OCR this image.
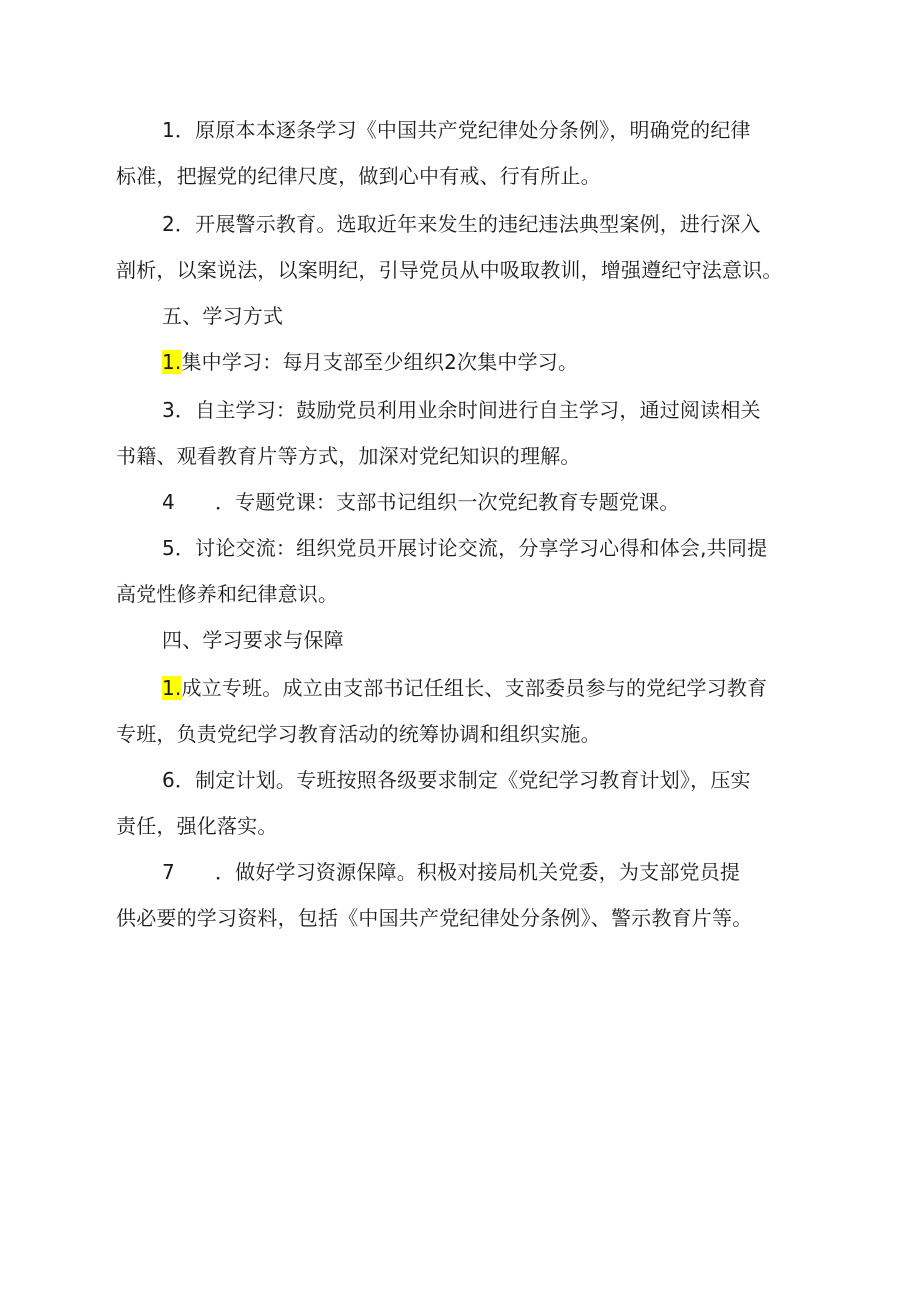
1．原原本本逐条学习《中国共产党纪律处分条例》，明确党的纪律
标准，把握党的纪律尺度，做到心中有戒、行有所止。
2．开展警示教育。选取近年来发生的违纪违法典型案例，进行深入
剖析，以案说法，以案明纪，引导党员从中吸取教训，增强遵纪守法意识。
五、学习方式
1.集中学习：每月支部至少组织2次集中学习。
3．自主学习：鼓励党员利用业余时间进行自主学习，通过阅读相关
书籍、观看教育片等方式，加深对党纪知识的理解。
4 ．专题党课：支部书记组织一次党纪教育专题党课。
5．讨论交流：组织党员开展讨论交流，分享学习心得和体会,共同提
高党性修养和纪律意识。
四、学习要求与保障
1.成立专班。成立由支部书记任组长、支部委员参与的党纪学习教育
专班，负责党纪学习教育活动的统筹协调和组织实施。
6．制定计划。专班按照各级要求制定《党纪学习教育计划》，压实
责任，强化落实。
7 ．做好学习资源保障。积极对接局机关党委，为支部党员提
供必要的学习资料，包括《中国共产党纪律处分条例》、警示教育片等。
